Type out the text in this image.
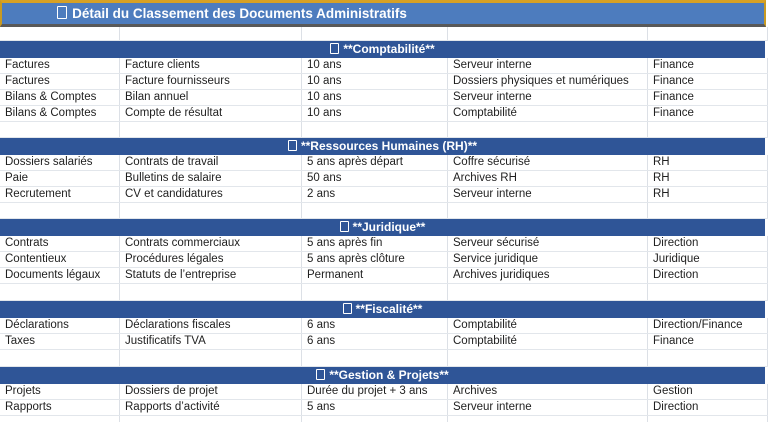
Détail du Classement des Documents Administratifs
**Comptabilité**
Factures	Facture clients	10 ans	Serveur interne	Finance
Factures	Facture fournisseurs	10 ans	Dossiers physiques et numériques	Finance
Bilans & Comptes	Bilan annuel	10 ans	Serveur interne	Finance
Bilans & Comptes	Compte de résultat	10 ans	Comptabilité	Finance
**Ressources Humaines (RH)**
Dossiers salariés	Contrats de travail	5 ans après départ	Coffre sécurisé	RH
Paie	Bulletins de salaire	50 ans	Archives RH	RH
Recrutement	CV et candidatures	2 ans	Serveur interne	RH
**Juridique**
Contrats	Contrats commerciaux	5 ans après fin	Serveur sécurisé	Direction
Contentieux	Procédures légales	5 ans après clôture	Service juridique	Juridique
Documents légaux	Statuts de l’entreprise	Permanent	Archives juridiques	Direction
**Fiscalité**
Déclarations	Déclarations fiscales	6 ans	Comptabilité	Direction/Finance
Taxes	Justificatifs TVA	6 ans	Comptabilité	Finance
**Gestion & Projets**
Projets	Dossiers de projet	Durée du projet + 3 ans	Archives	Gestion
Rapports	Rapports d’activité	5 ans	Serveur interne	Direction
